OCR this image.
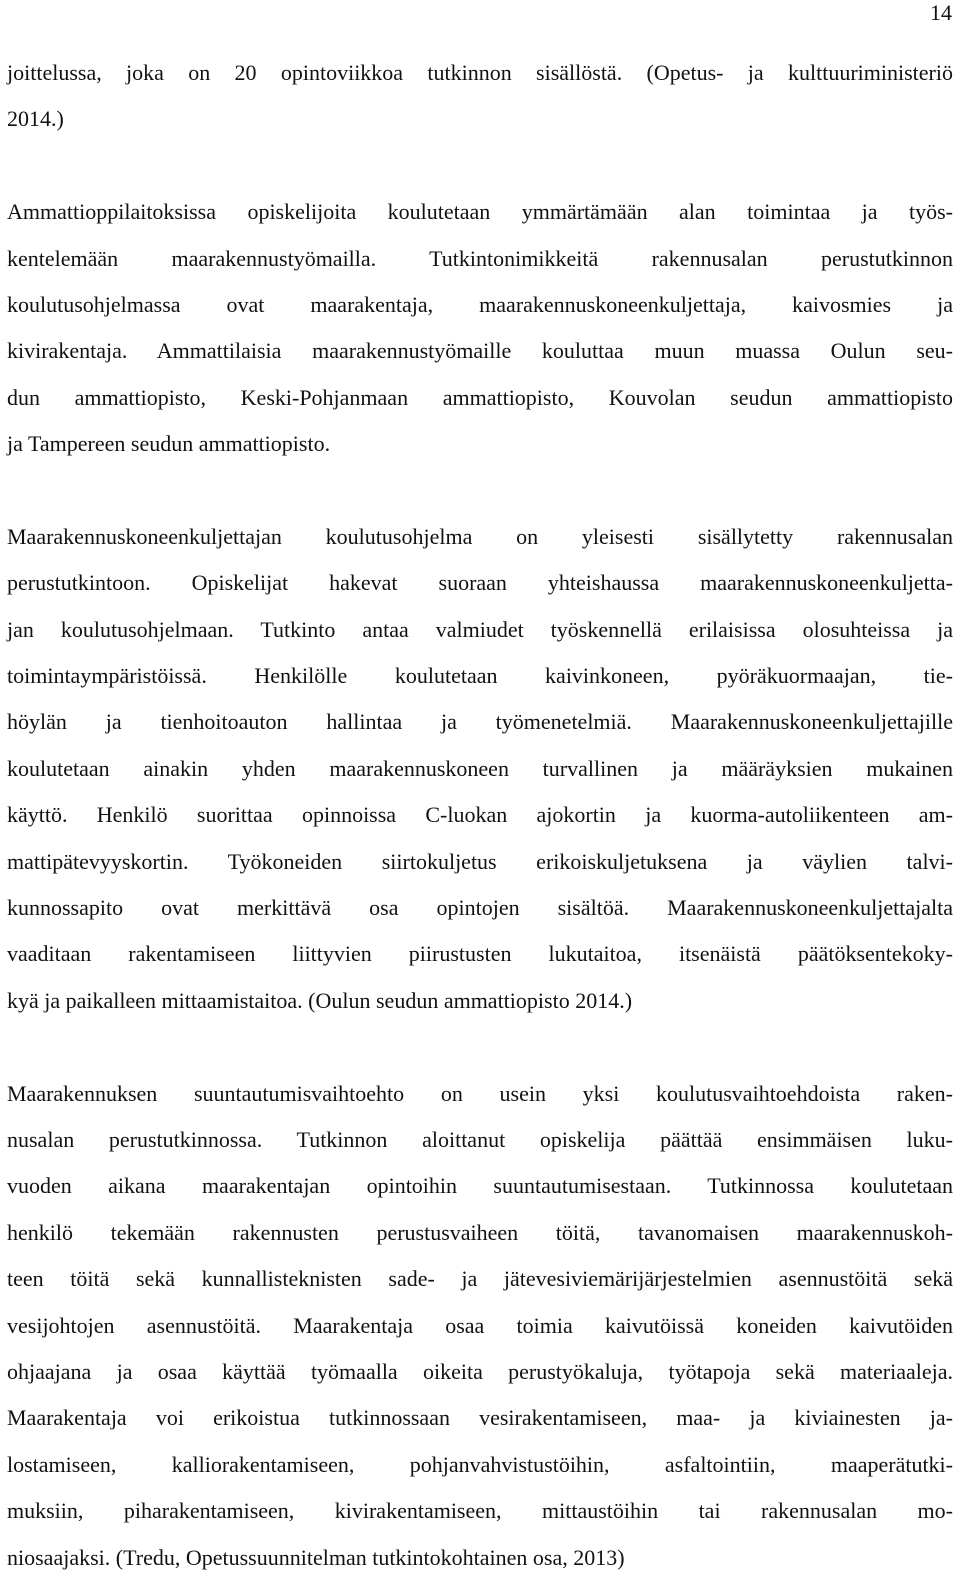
14
joittelussa, joka on 20 opintoviikkoa tutkinnon sisällöstä. (Opetus- ja kulttuuriministeriö
2014.)
Ammattioppilaitoksissa opiskelijoita koulutetaan ymmärtämään alan toimintaa ja työs-
kentelemään maarakennustyömailla. Tutkintonimikkeitä rakennusalan perustutkinnon
koulutusohjelmassa ovat maarakentaja, maarakennuskoneenkuljettaja, kaivosmies ja
kivirakentaja. Ammattilaisia maarakennustyömaille kouluttaa muun muassa Oulun seu-
dun ammattiopisto, Keski-Pohjanmaan ammattiopisto, Kouvolan seudun ammattiopisto
ja Tampereen seudun ammattiopisto.
Maarakennuskoneenkuljettajan koulutusohjelma on yleisesti sisällytetty rakennusalan
perustutkintoon. Opiskelijat hakevat suoraan yhteishaussa maarakennuskoneenkuljetta-
jan koulutusohjelmaan. Tutkinto antaa valmiudet työskennellä erilaisissa olosuhteissa ja
toimintaympäristöissä. Henkilölle koulutetaan kaivinkoneen, pyöräkuormaajan, tie-
höylän ja tienhoitoauton hallintaa ja työmenetelmiä. Maarakennuskoneenkuljettajille
koulutetaan ainakin yhden maarakennuskoneen turvallinen ja määräyksien mukainen
käyttö. Henkilö suorittaa opinnoissa C-luokan ajokortin ja kuorma-autoliikenteen am-
mattipätevyyskortin. Työkoneiden siirtokuljetus erikoiskuljetuksena ja väylien talvi-
kunnossapito ovat merkittävä osa opintojen sisältöä. Maarakennuskoneenkuljettajalta
vaaditaan rakentamiseen liittyvien piirustusten lukutaitoa, itsenäistä päätöksentekoky-
kyä ja paikalleen mittaamistaitoa. (Oulun seudun ammattiopisto 2014.)
Maarakennuksen suuntautumisvaihtoehto on usein yksi koulutusvaihtoehdoista raken-
nusalan perustutkinnossa. Tutkinnon aloittanut opiskelija päättää ensimmäisen luku-
vuoden aikana maarakentajan opintoihin suuntautumisestaan. Tutkinnossa koulutetaan
henkilö tekemään rakennusten perustusvaiheen töitä, tavanomaisen maarakennuskoh-
teen töitä sekä kunnallisteknisten sade- ja jätevesiviemärijärjestelmien asennustöitä sekä
vesijohtojen asennustöitä. Maarakentaja osaa toimia kaivutöissä koneiden kaivutöiden
ohjaajana ja osaa käyttää työmaalla oikeita perustyökaluja, työtapoja sekä materiaaleja.
Maarakentaja voi erikoistua tutkinnossaan vesirakentamiseen, maa- ja kiviainesten ja-
lostamiseen, kalliorakentamiseen, pohjanvahvistustöihin, asfaltointiin, maaperätutki-
muksiin, piharakentamiseen, kivirakentamiseen, mittaustöihin tai rakennusalan mo-
niosaajaksi. (Tredu, Opetussuunnitelman tutkintokohtainen osa, 2013)
